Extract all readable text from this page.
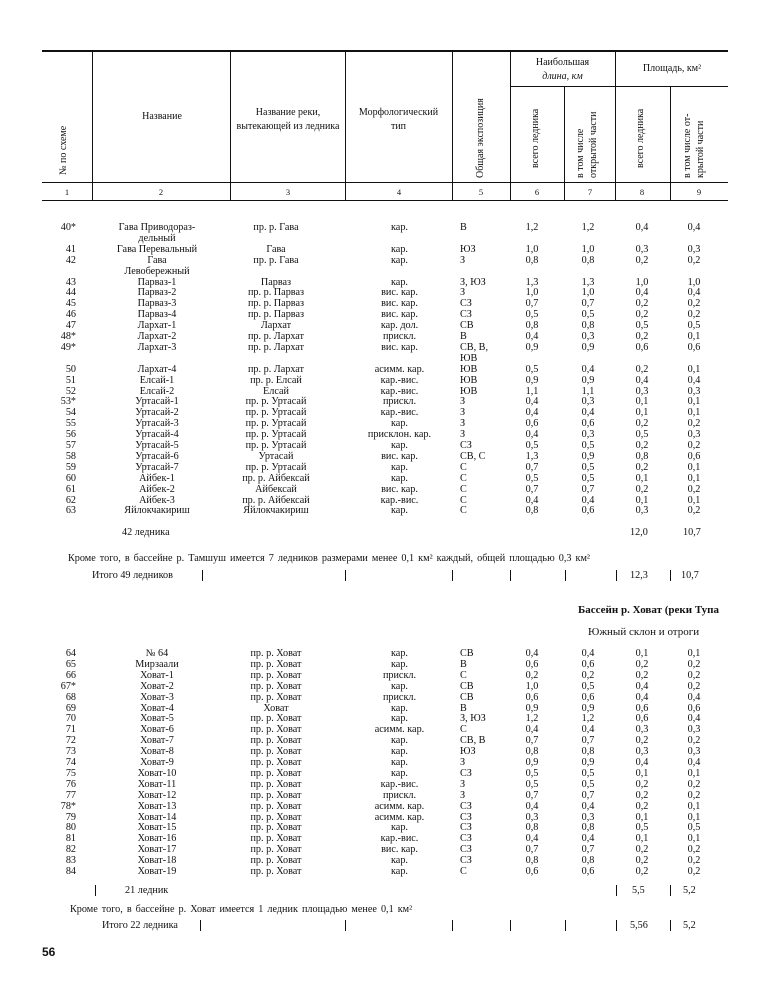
№ по схеме
Название	Название реки,
вытекающей из ледника
Морфологический
тип	Общая экспозиция
Наибольшая
длина, км
Площадь, км²
всего ледника	в том числе открытой части	всего ледника	в том числе от- крытой части
1	2	3	4	5	6	7	8	9
40*	Гава Приводораз-	пр. р. Гава	кар.	В	1,2	1,2	0,4	0,4
дельный
41	Гава Перевальный	Гава	кар.	ЮЗ	1,0	1,0	0,3	0,3
42	Гава	пр. р. Гава	кар.	З	0,8	0,8	0,2	0,2
Левобережный
43	Парваз-1	Парваз	кар.	З, ЮЗ	1,3	1,3	1,0	1,0
44	Парваз-2	пр. р. Парваз	вис. кар.	З	1,0	1,0	0,4	0,4
45	Парваз-3	пр. р. Парваз	вис. кар.	СЗ	0,7	0,7	0,2	0,2
46	Парваз-4	пр. р. Парваз	вис. кар.	СЗ	0,5	0,5	0,2	0,2
47	Лархат-1	Лархат	кар. дол.	СВ	0,8	0,8	0,5	0,5
48*	Лархат-2	пр. р. Лархат	прискл.	В	0,4	0,3	0,2	0,1
49*	Лархат-3	пр. р. Лархат	вис. кар.	СВ, В,	0,9	0,9	0,6	0,6
ЮВ
50	Лархат-4	пр. р. Лархат	асимм. кар.	ЮВ	0,5	0,4	0,2	0,1
51	Елсай-1	пр. р. Елсай	кар.-вис.	ЮВ	0,9	0,9	0,4	0,4
52	Елсай-2	Елсай	кар.-вис.	ЮВ	1,1	1,1	0,3	0,3
53*	Уртасай-1	пр. р. Уртасай	прискл.	З	0,4	0,3	0,1	0,1
54	Уртасай-2	пр. р. Уртасай	кар.-вис.	З	0,4	0,4	0,1	0,1
55	Уртасай-3	пр. р. Уртасай	кар.	З	0,6	0,6	0,2	0,2
56	Уртасай-4	пр. р. Уртасай	присклон. кар.	З	0,4	0,3	0,5	0,3
57	Уртасай-5	пр. р. Уртасай	кар.	СЗ	0,5	0,5	0,2	0,2
58	Уртасай-6	Уртасай	вис. кар.	СВ, С	1,3	0,9	0,8	0,6
59	Уртасай-7	пр. р. Уртасай	кар.	С	0,7	0,5	0,2	0,1
60	Айбек-1	пр. р. Айбексай	кар.	С	0,5	0,5	0,1	0,1
61	Айбек-2	Айбексай	вис. кар.	С	0,7	0,7	0,2	0,2
62	Айбек-3	пр. р. Айбексай	кар.-вис.	С	0,4	0,4	0,1	0,1
63	Яйлокчакириш	Яйлокчакириш	кар.	С	0,8	0,6	0,3	0,2
42 ледника	12,0	10,7
Кроме того, в бассейне р. Тамшуш имеется 7 ледников размерами менее 0,1 км² каждый, общей площадью 0,3 км²
Итого 49 ледников	12,3	10,7
Бассейн р. Ховат (реки Тупа
Южный склон и отроги
64	№ 64	пр. р. Ховат	кар.	СВ	0,4	0,4	0,1	0,1
65	Мирзаали	пр. р. Ховат	кар.	В	0,6	0,6	0,2	0,2
66	Ховат-1	пр. р. Ховат	прискл.	С	0,2	0,2	0,2	0,2
67*	Ховат-2	пр. р. Ховат	кар.	СВ	1,0	0,5	0,4	0,2
68	Ховат-3	пр. р. Ховат	прискл.	СВ	0,6	0,6	0,4	0,4
69	Ховат-4	Ховат	кар.	В	0,9	0,9	0,6	0,6
70	Ховат-5	пр. р. Ховат	кар.	З, ЮЗ	1,2	1,2	0,6	0,4
71	Ховат-6	пр. р. Ховат	асимм. кар.	С	0,4	0,4	0,3	0,3
72	Ховат-7	пр. р. Ховат	кар.	СВ, В	0,7	0,7	0,2	0,2
73	Ховат-8	пр. р. Ховат	кар.	ЮЗ	0,8	0,8	0,3	0,3
74	Ховат-9	пр. р. Ховат	кар.	З	0,9	0,9	0,4	0,4
75	Ховат-10	пр. р. Ховат	кар.	СЗ	0,5	0,5	0,1	0,1
76	Ховат-11	пр. р. Ховат	кар.-вис.	З	0,5	0,5	0,2	0,2
77	Ховат-12	пр. р. Ховат	прискл.	З	0,7	0,7	0,2	0,2
78*	Ховат-13	пр. р. Ховат	асимм. кар.	СЗ	0,4	0,4	0,2	0,1
79	Ховат-14	пр. р. Ховат	асимм. кар.	СЗ	0,3	0,3	0,1	0,1
80	Ховат-15	пр. р. Ховат	кар.	СЗ	0,8	0,8	0,5	0,5
81	Ховат-16	пр. р. Ховат	кар.-вис.	СЗ	0,4	0,4	0,1	0,1
82	Ховат-17	пр. р. Ховат	вис. кар.	СЗ	0,7	0,7	0,2	0,2
83	Ховат-18	пр. р. Ховат	кар.	СЗ	0,8	0,8	0,2	0,2
84	Ховат-19	пр. р. Ховат	кар.	С	0,6	0,6	0,2	0,2
21 ледник	5,5	5,2
Кроме того, в бассейне р. Ховат имеется 1 ледник площадью менее 0,1 км²
Итого 22 ледника	5,56	5,2
56
